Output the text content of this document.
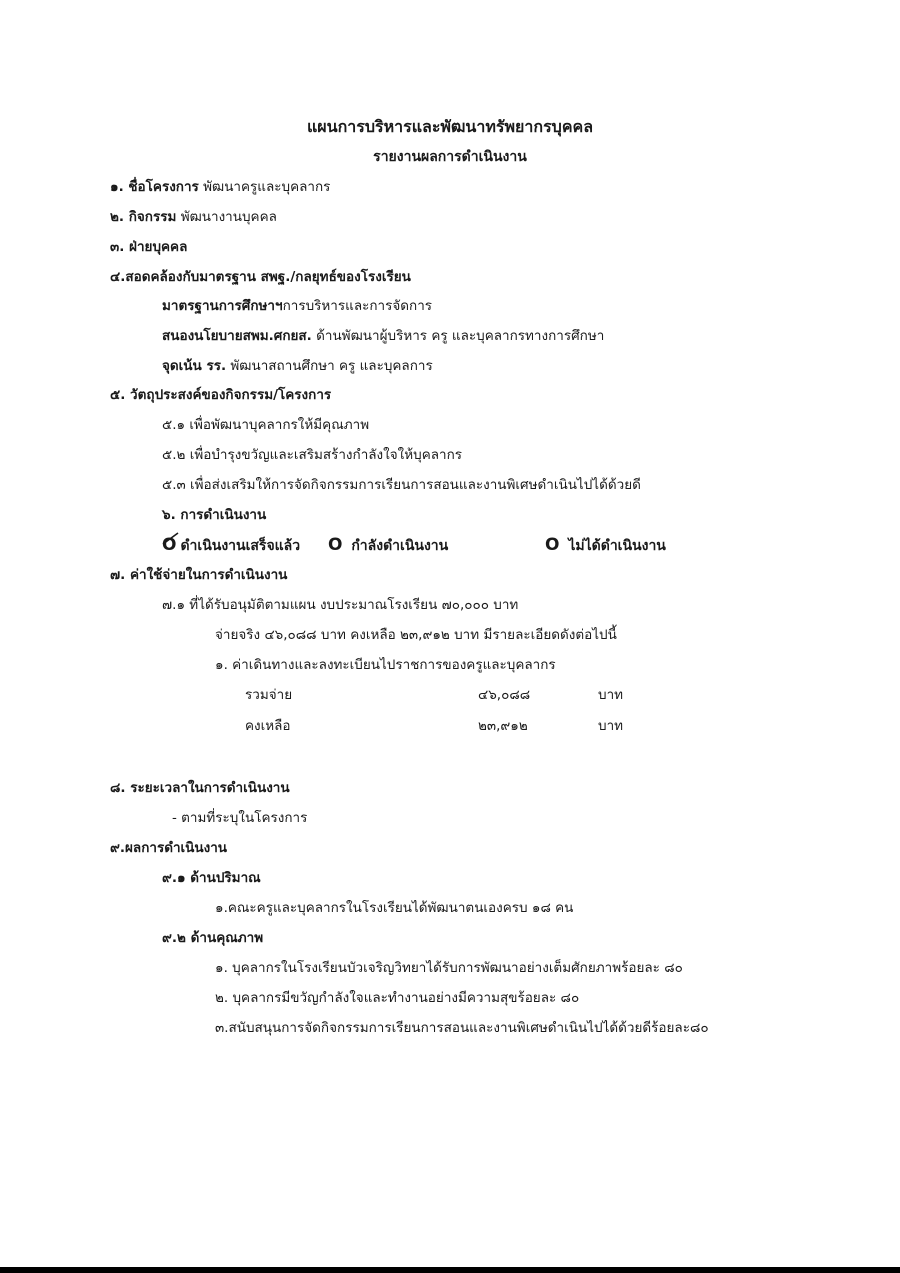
แผนการบริหารและพัฒนาทรัพยากรบุคคล
รายงานผลการดำเนินงาน
๑. ชื่อโครงการ พัฒนาครูและบุคลากร
๒. กิจกรรม พัฒนางานบุคคล
๓. ฝ่ายบุคคล
๔.สอดคล้องกับมาตรฐาน สพฐ./กลยุทธ์ของโรงเรียน
มาตรฐานการศึกษาฯการบริหารและการจัดการ
สนองนโยบายสพม.ศกยส. ด้านพัฒนาผู้บริหาร ครู และบุคลากรทางการศึกษา
จุดเน้น รร. พัฒนาสถานศึกษา ครู และบุคลการ
๕. วัตถุประสงค์ของกิจกรรม/โครงการ
๕.๑ เพื่อพัฒนาบุคลากรให้มีคุณภาพ
๕.๒ เพื่อบำรุงขวัญและเสริมสร้างกำลังใจให้บุคลากร
๕.๓ เพื่อส่งเสริมให้การจัดกิจกรรมการเรียนการสอนและงานพิเศษดำเนินไปได้ด้วยดี
๖. การดำเนินงาน
O ดำเนินงานเสร็จแล้ว O กำลังดำเนินงาน	O ไม่ได้ดำเนินงาน
๗. ค่าใช้จ่ายในการดำเนินงาน
๗.๑ ที่ได้รับอนุมัติตามแผน งบประมาณโรงเรียน ๗๐,๐๐๐ บาท
จ่ายจริง ๔๖,๐๘๘ บาท คงเหลือ ๒๓,๙๑๒ บาท มีรายละเอียดดังต่อไปนี้
๑. ค่าเดินทางและลงทะเบียนไปราชการของครูและบุคลากร
รวมจ่าย	๔๖,๐๘๘	บาท
คงเหลือ	๒๓,๙๑๒	บาท
๘. ระยะเวลาในการดำเนินงาน
- ตามที่ระบุในโครงการ
๙.ผลการดำเนินงาน
๙.๑ ด้านปริมาณ
๑.คณะครูและบุคลากรในโรงเรียนได้พัฒนาตนเองครบ ๑๘ คน
๙.๒ ด้านคุณภาพ
๑. บุคลากรในโรงเรียนบัวเจริญวิทยาได้รับการพัฒนาอย่างเต็มศักยภาพร้อยละ ๘๐
๒. บุคลากรมีขวัญกำลังใจและทำงานอย่างมีความสุขร้อยละ ๘๐
๓.สนับสนุนการจัดกิจกรรมการเรียนการสอนและงานพิเศษดำเนินไปได้ด้วยดีร้อยละ๘๐
